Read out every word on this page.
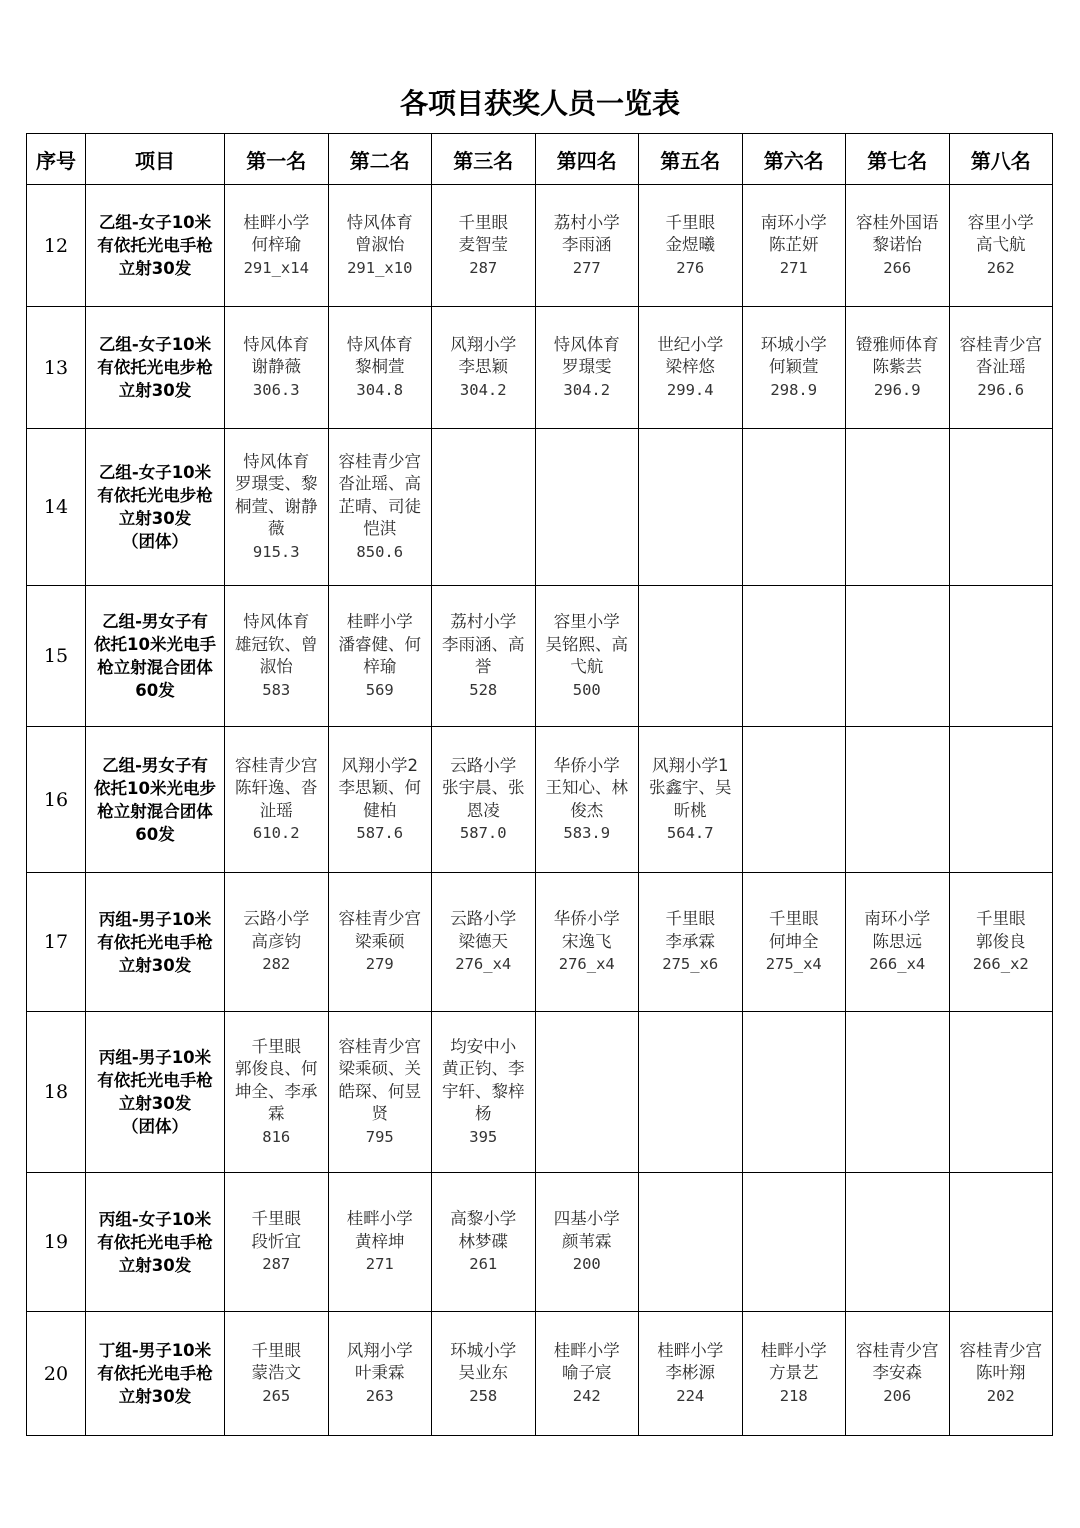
各项目获奖人员一览表
序号	项目	第一名	第二名	第三名	第四名	第五名	第六名	第七名	第八名
12	乙组-女子10米
有依托光电手枪
立射30发	桂畔小学
何梓瑜
291_x14	恃风体育
曾淑怡
291_x10	千里眼
麦智莹
287	荔村小学
李雨涵
277	千里眼
金煜曦
276	南环小学
陈芷妍
271	容桂外国语
黎诺怡
266	容里小学
高弋航
262

13	乙组-女子10米
有依托光电步枪
立射30发	恃风体育
谢静薇
306.3	恃风体育
黎桐萱
304.8	风翔小学
李思颖
304.2	恃风体育
罗璟雯
304.2	世纪小学
梁梓悠
299.4	环城小学
何颖萱
298.9	镫雅师体育
陈紫芸
296.9	容桂青少宫
沓沚瑶
296.6

14	乙组-女子10米
有依托光电步枪
立射30发
（团体）	恃风体育
罗璟雯、黎
桐萱、谢静
薇
915.3	容桂青少宫
沓沚瑶、高
芷晴、司徒
恺淇
850.6						

15	乙组-男女子有
依托10米光电手
枪立射混合团体
60发	恃风体育
雄冠钦、曾
淑怡
583	桂畔小学
潘睿健、何
梓瑜
569	荔村小学
李雨涵、高
誉
528	容里小学
吴铭熙、高
弋航
500				

16	乙组-男女子有
依托10米光电步
枪立射混合团体
60发	容桂青少宫
陈轩逸、沓
沚瑶
610.2	风翔小学2
李思颖、何
健柏
587.6	云路小学
张宇晨、张
恩凌
587.0	华侨小学
王知心、林
俊杰
583.9	风翔小学1
张鑫宇、吴
昕桃
564.7			

17	丙组-男子10米
有依托光电手枪
立射30发	云路小学
高彦钧
282	容桂青少宫
梁乘硕
279	云路小学
梁德天
276_x4	华侨小学
宋逸飞
276_x4	千里眼
李承霖
275_x6	千里眼
何坤全
275_x4	南环小学
陈思远
266_x4	千里眼
郭俊良
266_x2

18	丙组-男子10米
有依托光电手枪
立射30发
（团体）	千里眼
郭俊良、何
坤全、李承
霖
816	容桂青少宫
梁乘硕、关
皓琛、何昱
贤
795	均安中小
黄正钧、李
宇轩、黎梓
杨
395					

19	丙组-女子10米
有依托光电手枪
立射30发	千里眼
段忻宜
287	桂畔小学
黄梓坤
271	高黎小学
林梦碟
261	四基小学
颜苇霖
200				

20	丁组-男子10米
有依托光电手枪
立射30发	千里眼
蒙浩文
265	风翔小学
叶秉霖
263	环城小学
吴业东
258	桂畔小学
喻子宸
242	桂畔小学
李彬源
224	桂畔小学
方景艺
218	容桂青少宫
李安森
206	容桂青少宫
陈叶翔
202
